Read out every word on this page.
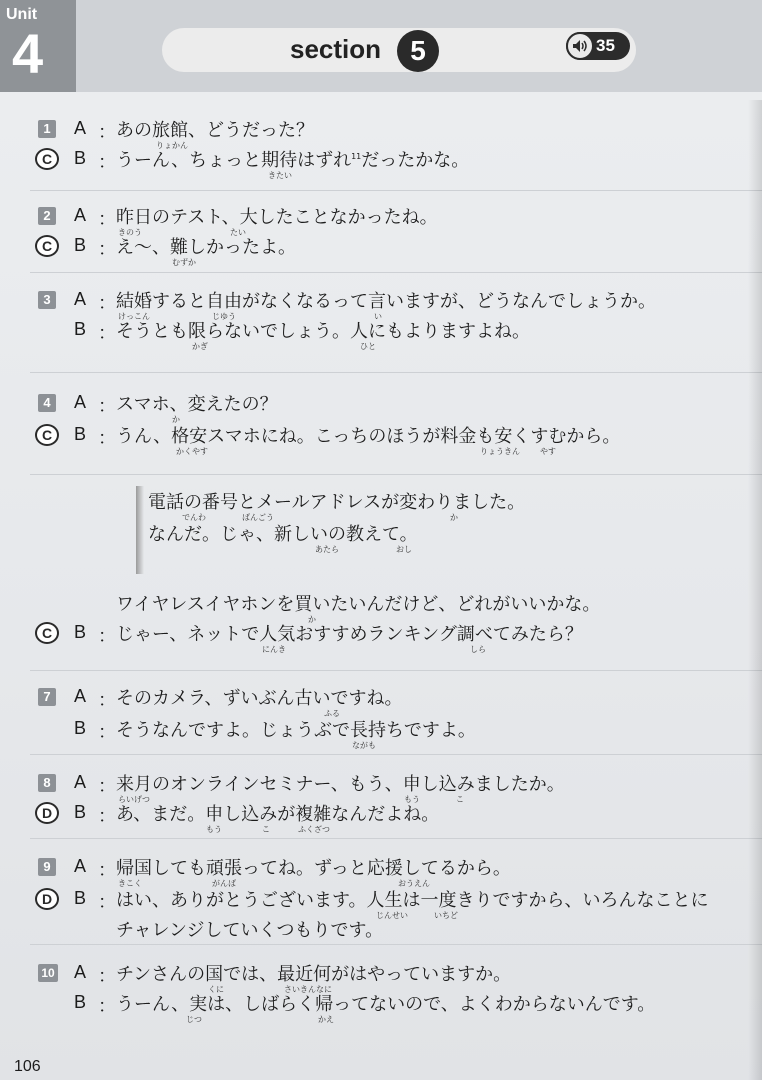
Unit
4	section	5	35
1
C
A ： あの旅館、どうだった？
りょかん
B ： うーん、ちょっと期待はずれ$^{11}$だったかな。
きたい
2
C
A ： 昨日のテスト、大したことなかったね。
きのう	たい
B ： え～、難しかったよ。
むずか
3 A ： 結婚すると自由がなくなるって言いますが、どうなんでしょうか。
けっこん	じゆう	い
B ： そうとも限らないでしょう。人にもよりますよね。
かぎ	ひと
4
C
A ： スマホ、変えたの？
か
B ： うん、格安スマホにね。こっちのほうが料金も安くすむから。
かくやす	りょうきん	やす
電話の番号とメールアドレスが変わりました。
でんわ	ばんごう	か
なんだ。じゃ、新しいの教えて。
あたら	おし
C
ワイヤレスイヤホンを買いたいんだけど、どれがいいかな。
か
B ： じゃー、ネットで人気おすすめランキング調べてみたら？
にんき	しら
7 A ： そのカメラ、ずいぶん古いですね。
ふる
B ： そうなんですよ。じょうぶで長持ちですよ。
ながも
8
D
A ： 来月のオンラインセミナー、もう、申し込みましたか。
らいげつ	もう	こ
B ： あ、まだ。申し込みが複雑なんだよね。
もう	こ	ふくざつ
9
D
A ： 帰国しても頑張ってね。ずっと応援してるから。
きこく	がんば	おうえん
B ： はい、ありがとうございます。人生は一度きりですから、いろんなことに
じんせい	いちど
チャレンジしていくつもりです。
10 A ： チンさんの国では、最近何がはやっていますか。
くに	さいきんなに
B ： うーん、実は、しばらく帰ってないので、よくわからないんです。
じつ	かえ
106
